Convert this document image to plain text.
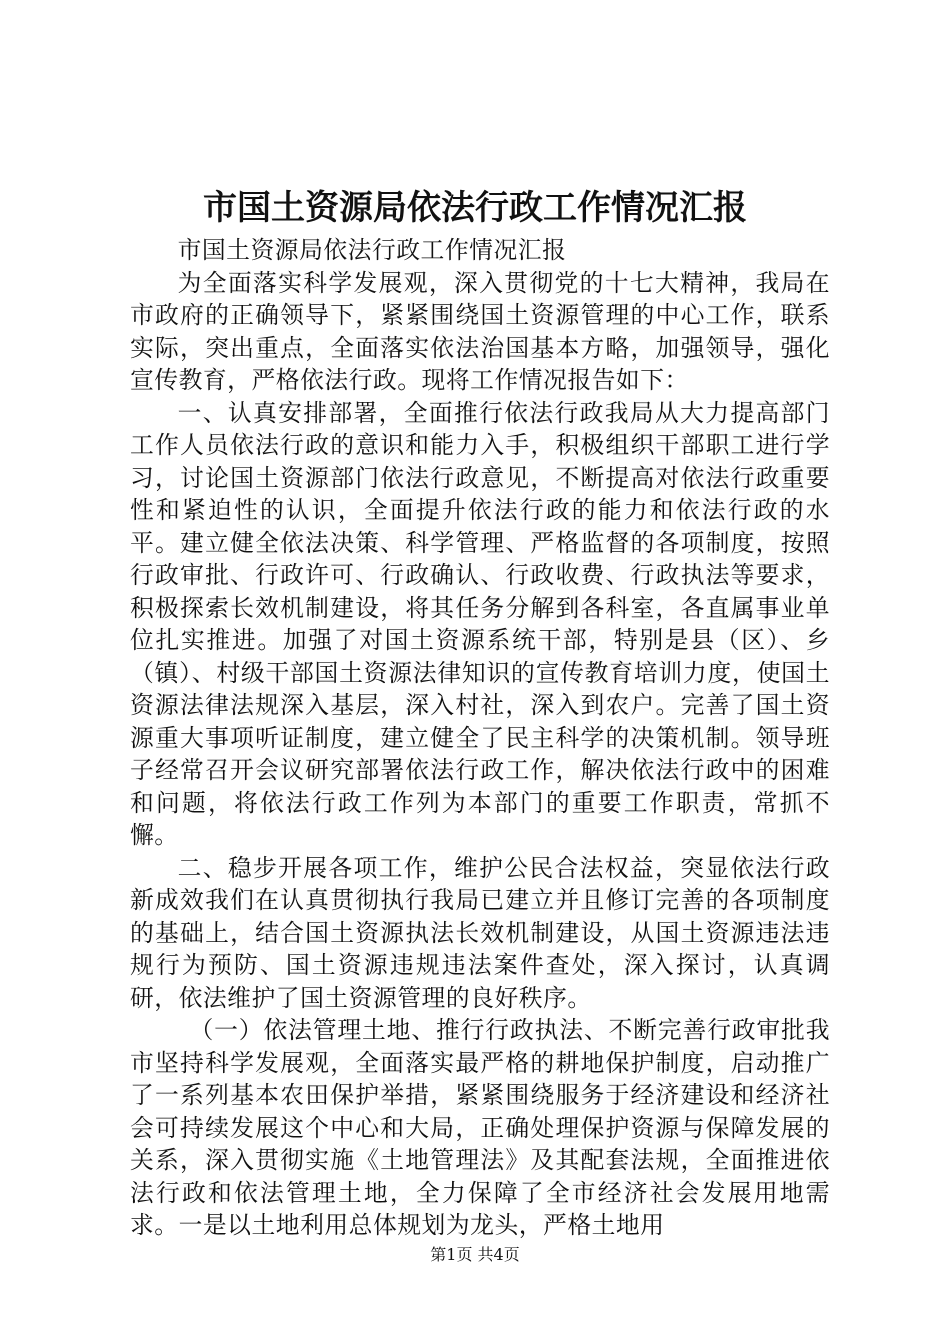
市国土资源局依法行政工作情况汇报

市国土资源局依法行政工作情况汇报

为全面落实科学发展观，深入贯彻党的十七大精神，我局在市政府的正确领导下，紧紧围绕国土资源管理的中心工作，联系实际，突出重点，全面落实依法治国基本方略，加强领导，强化宣传教育，严格依法行政。现将工作情况报告如下：

一、认真安排部署，全面推行依法行政我局从大力提高部门工作人员依法行政的意识和能力入手，积极组织干部职工进行学习，讨论国土资源部门依法行政意见，不断提高对依法行政重要性和紧迫性的认识，全面提升依法行政的能力和依法行政的水平。建立健全依法决策、科学管理、严格监督的各项制度，按照行政审批、行政许可、行政确认、行政收费、行政执法等要求，积极探索长效机制建设，将其任务分解到各科室，各直属事业单位扎实推进。加强了对国土资源系统干部，特别是县（区）、乡（镇）、村级干部国土资源法律知识的宣传教育培训力度，使国土资源法律法规深入基层，深入村社，深入到农户。完善了国土资源重大事项听证制度，建立健全了民主科学的决策机制。领导班子经常召开会议研究部署依法行政工作，解决依法行政中的困难和问题，将依法行政工作列为本部门的重要工作职责，常抓不懈。

二、稳步开展各项工作，维护公民合法权益，突显依法行政新成效我们在认真贯彻执行我局已建立并且修订完善的各项制度的基础上，结合国土资源执法长效机制建设，从国土资源违法违规行为预防、国土资源违规违法案件查处，深入探讨，认真调研，依法维护了国土资源管理的良好秩序。

（一）依法管理土地、推行行政执法、不断完善行政审批我市坚持科学发展观，全面落实最严格的耕地保护制度，启动推广了一系列基本农田保护举措，紧紧围绕服务于经济建设和经济社会可持续发展这个中心和大局，正确处理保护资源与保障发展的关系，深入贯彻实施《土地管理法》及其配套法规，全面推进依法行政和依法管理土地，全力保障了全市经济社会发展用地需求。一是以土地利用总体规划为龙头，严格土地用

第1页 共4页
